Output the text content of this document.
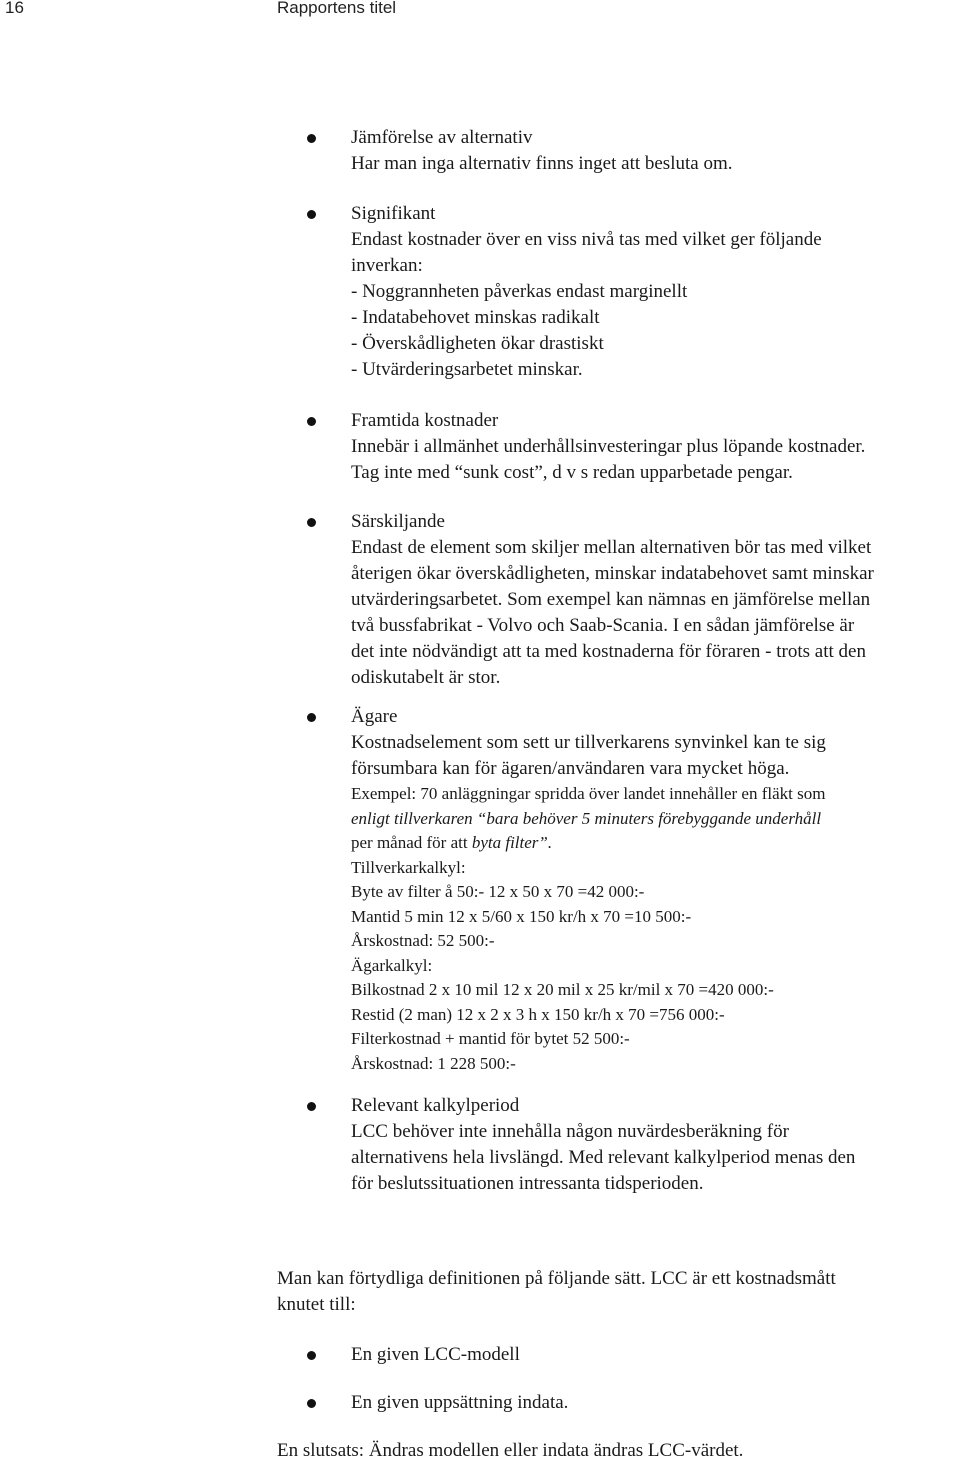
16	Rapportens titel
Jämförelse av alternativ
Har man inga alternativ finns inget att besluta om.
Signifikant
Endast kostnader över en viss nivå tas med vilket ger följande
inverkan:
- Noggrannheten påverkas endast marginellt
- Indatabehovet minskas radikalt
- Överskådligheten ökar drastiskt
- Utvärderingsarbetet minskar.
Framtida kostnader
Innebär i allmänhet underhållsinvesteringar plus löpande kostnader.
Tag inte med “sunk cost”, d v s redan upparbetade pengar.
Särskiljande
Endast de element som skiljer mellan alternativen bör tas med vilket
återigen ökar överskådligheten, minskar indatabehovet samt minskar
utvärderingsarbetet. Som exempel kan nämnas en jämförelse mellan
två bussfabrikat - Volvo och Saab-Scania. I en sådan jämförelse är
det inte nödvändigt att ta med kostnaderna för föraren - trots att den
odiskutabelt är stor.
Ägare
Kostnadselement som sett ur tillverkarens synvinkel kan te sig
försumbara kan för ägaren/användaren vara mycket höga.
Exempel: 70 anläggningar spridda över landet innehåller en fläkt som
enligt tillverkaren “bara behöver 5 minuters förebyggande underhåll
per månad för att byta filter”.
Tillverkarkalkyl:
Byte av filter å 50:- 12 x 50 x 70 =42 000:-
Mantid 5 min 12 x 5/60 x 150 kr/h x 70 =10 500:-
Årskostnad: 52 500:-
Ägarkalkyl:
Bilkostnad 2 x 10 mil 12 x 20 mil x 25 kr/mil x 70 =420 000:-
Restid (2 man) 12 x 2 x 3 h x 150 kr/h x 70 =756 000:-
Filterkostnad + mantid för bytet 52 500:-
Årskostnad: 1 228 500:-
Relevant kalkylperiod
LCC behöver inte innehålla någon nuvärdesberäkning för
alternativens hela livslängd. Med relevant kalkylperiod menas den
för beslutssituationen intressanta tidsperioden.
Man kan förtydliga definitionen på följande sätt. LCC är ett kostnadsmått
knutet till:
En given LCC-modell
En given uppsättning indata.
En slutsats: Ändras modellen eller indata ändras LCC-värdet.
